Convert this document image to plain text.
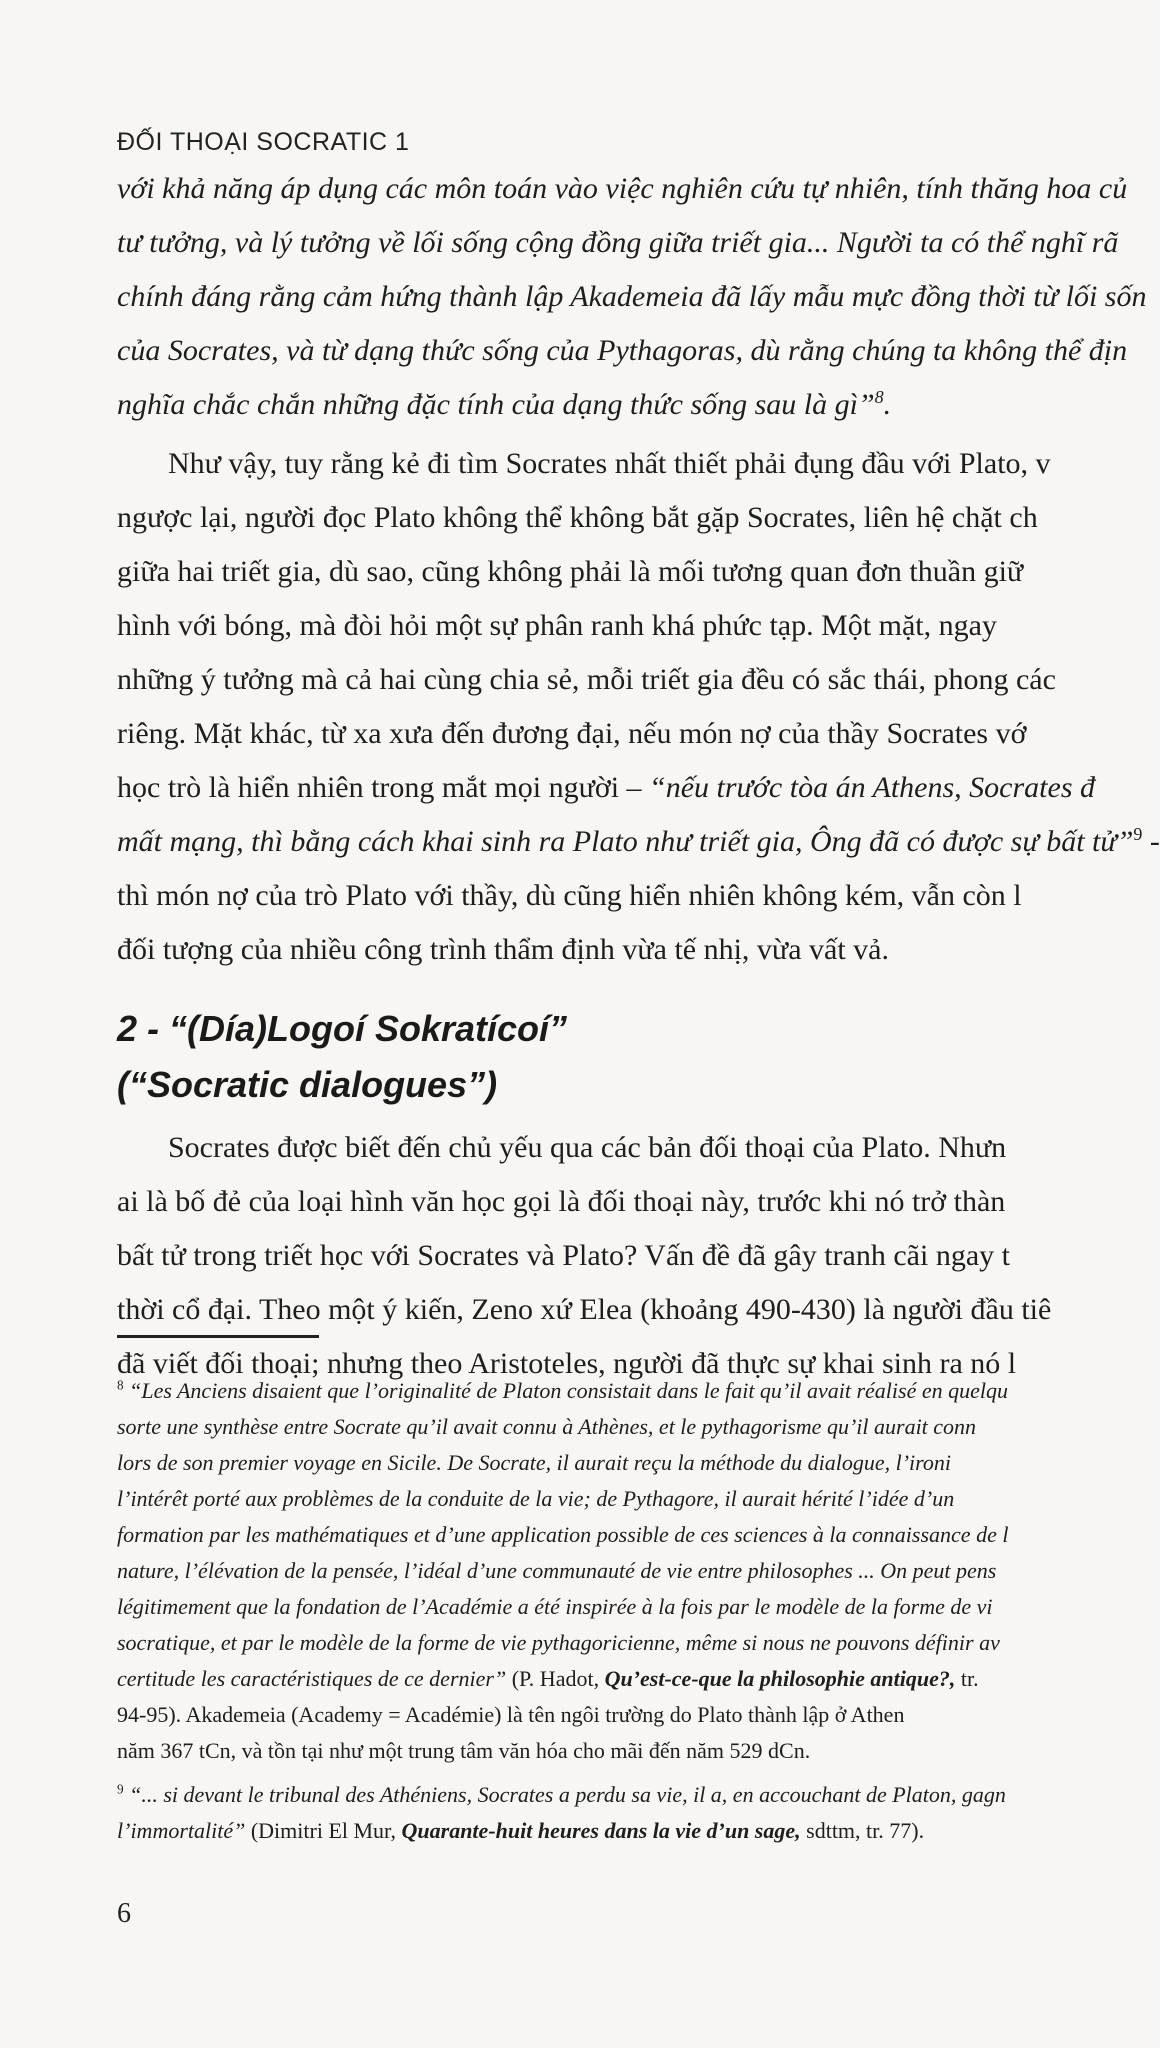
ĐỐI THOẠI SOCRATIC 1
với khả năng áp dụng các môn toán vào việc nghiên cứu tự nhiên, tính thăng hoa củ
tư tưởng, và lý tưởng về lối sống cộng đồng giữa triết gia... Người ta có thể nghĩ rã
chính đáng rằng cảm hứng thành lập Akademeia đã lấy mẫu mực đồng thời từ lối sốn
của Socrates, và từ dạng thức sống của Pythagoras, dù rằng chúng ta không thể địn
nghĩa chắc chắn những đặc tính của dạng thức sống sau là gì”$^8$.
Như vậy, tuy rằng kẻ đi tìm Socrates nhất thiết phải đụng đầu với Plato, v
ngược lại, người đọc Plato không thể không bắt gặp Socrates, liên hệ chặt ch
giữa hai triết gia, dù sao, cũng không phải là mối tương quan đơn thuần giữ
hình với bóng, mà đòi hỏi một sự phân ranh khá phức tạp. Một mặt, ngay
những ý tưởng mà cả hai cùng chia sẻ, mỗi triết gia đều có sắc thái, phong các
riêng. Mặt khác, từ xa xưa đến đương đại, nếu món nợ của thầy Socrates vớ
học trò là hiển nhiên trong mắt mọi người – “nếu trước tòa án Athens, Socrates đ
mất mạng, thì bằng cách khai sinh ra Plato như triết gia, Ông đã có được sự bất tử”$^9$ -
thì món nợ của trò Plato với thầy, dù cũng hiển nhiên không kém, vẫn còn l
đối tượng của nhiều công trình thẩm định vừa tế nhị, vừa vất vả.
2 - “(Día)Logoí Sokratícoí”
(“Socratic dialogues”)
Socrates được biết đến chủ yếu qua các bản đối thoại của Plato. Nhưn
ai là bố đẻ của loại hình văn học gọi là đối thoại này, trước khi nó trở thàn
bất tử trong triết học với Socrates và Plato? Vấn đề đã gây tranh cãi ngay t
thời cổ đại. Theo một ý kiến, Zeno xứ Elea (khoảng 490-430) là người đầu tiê
đã viết đối thoại; nhưng theo Aristoteles, người đã thực sự khai sinh ra nó l
$^8$ “Les Anciens disaient que l’originalité de Platon consistait dans le fait qu’il avait réalisé en quelqu
sorte une synthèse entre Socrate qu’il avait connu à Athènes, et le pythagorisme qu’il aurait conn
lors de son premier voyage en Sicile. De Socrate, il aurait reçu la méthode du dialogue, l’ironi
l’intérêt porté aux problèmes de la conduite de la vie; de Pythagore, il aurait hérité l’idée d’un
formation par les mathématiques et d’une application possible de ces sciences à la connaissance de l
nature, l’élévation de la pensée, l’idéal d’une communauté de vie entre philosophes ... On peut pens
légitimement que la fondation de l’Académie a été inspirée à la fois par le modèle de la forme de vi
socratique, et par le modèle de la forme de vie pythagoricienne, même si nous ne pouvons définir av
certitude les caractéristiques de ce dernier” (P. Hadot, Qu’est-ce-que la philosophie antique?, tr.
94-95). Akademeia (Academy = Académie) là tên ngôi trường do Plato thành lập ở Athen
năm 367 tCn, và tồn tại như một trung tâm văn hóa cho mãi đến năm 529 dCn.
$^9$ “... si devant le tribunal des Athéniens, Socrates a perdu sa vie, il a, en accouchant de Platon, gagn
l’immortalité” (Dimitri El Mur, Quarante-huit heures dans la vie d’un sage, sdttm, tr. 77).
6
